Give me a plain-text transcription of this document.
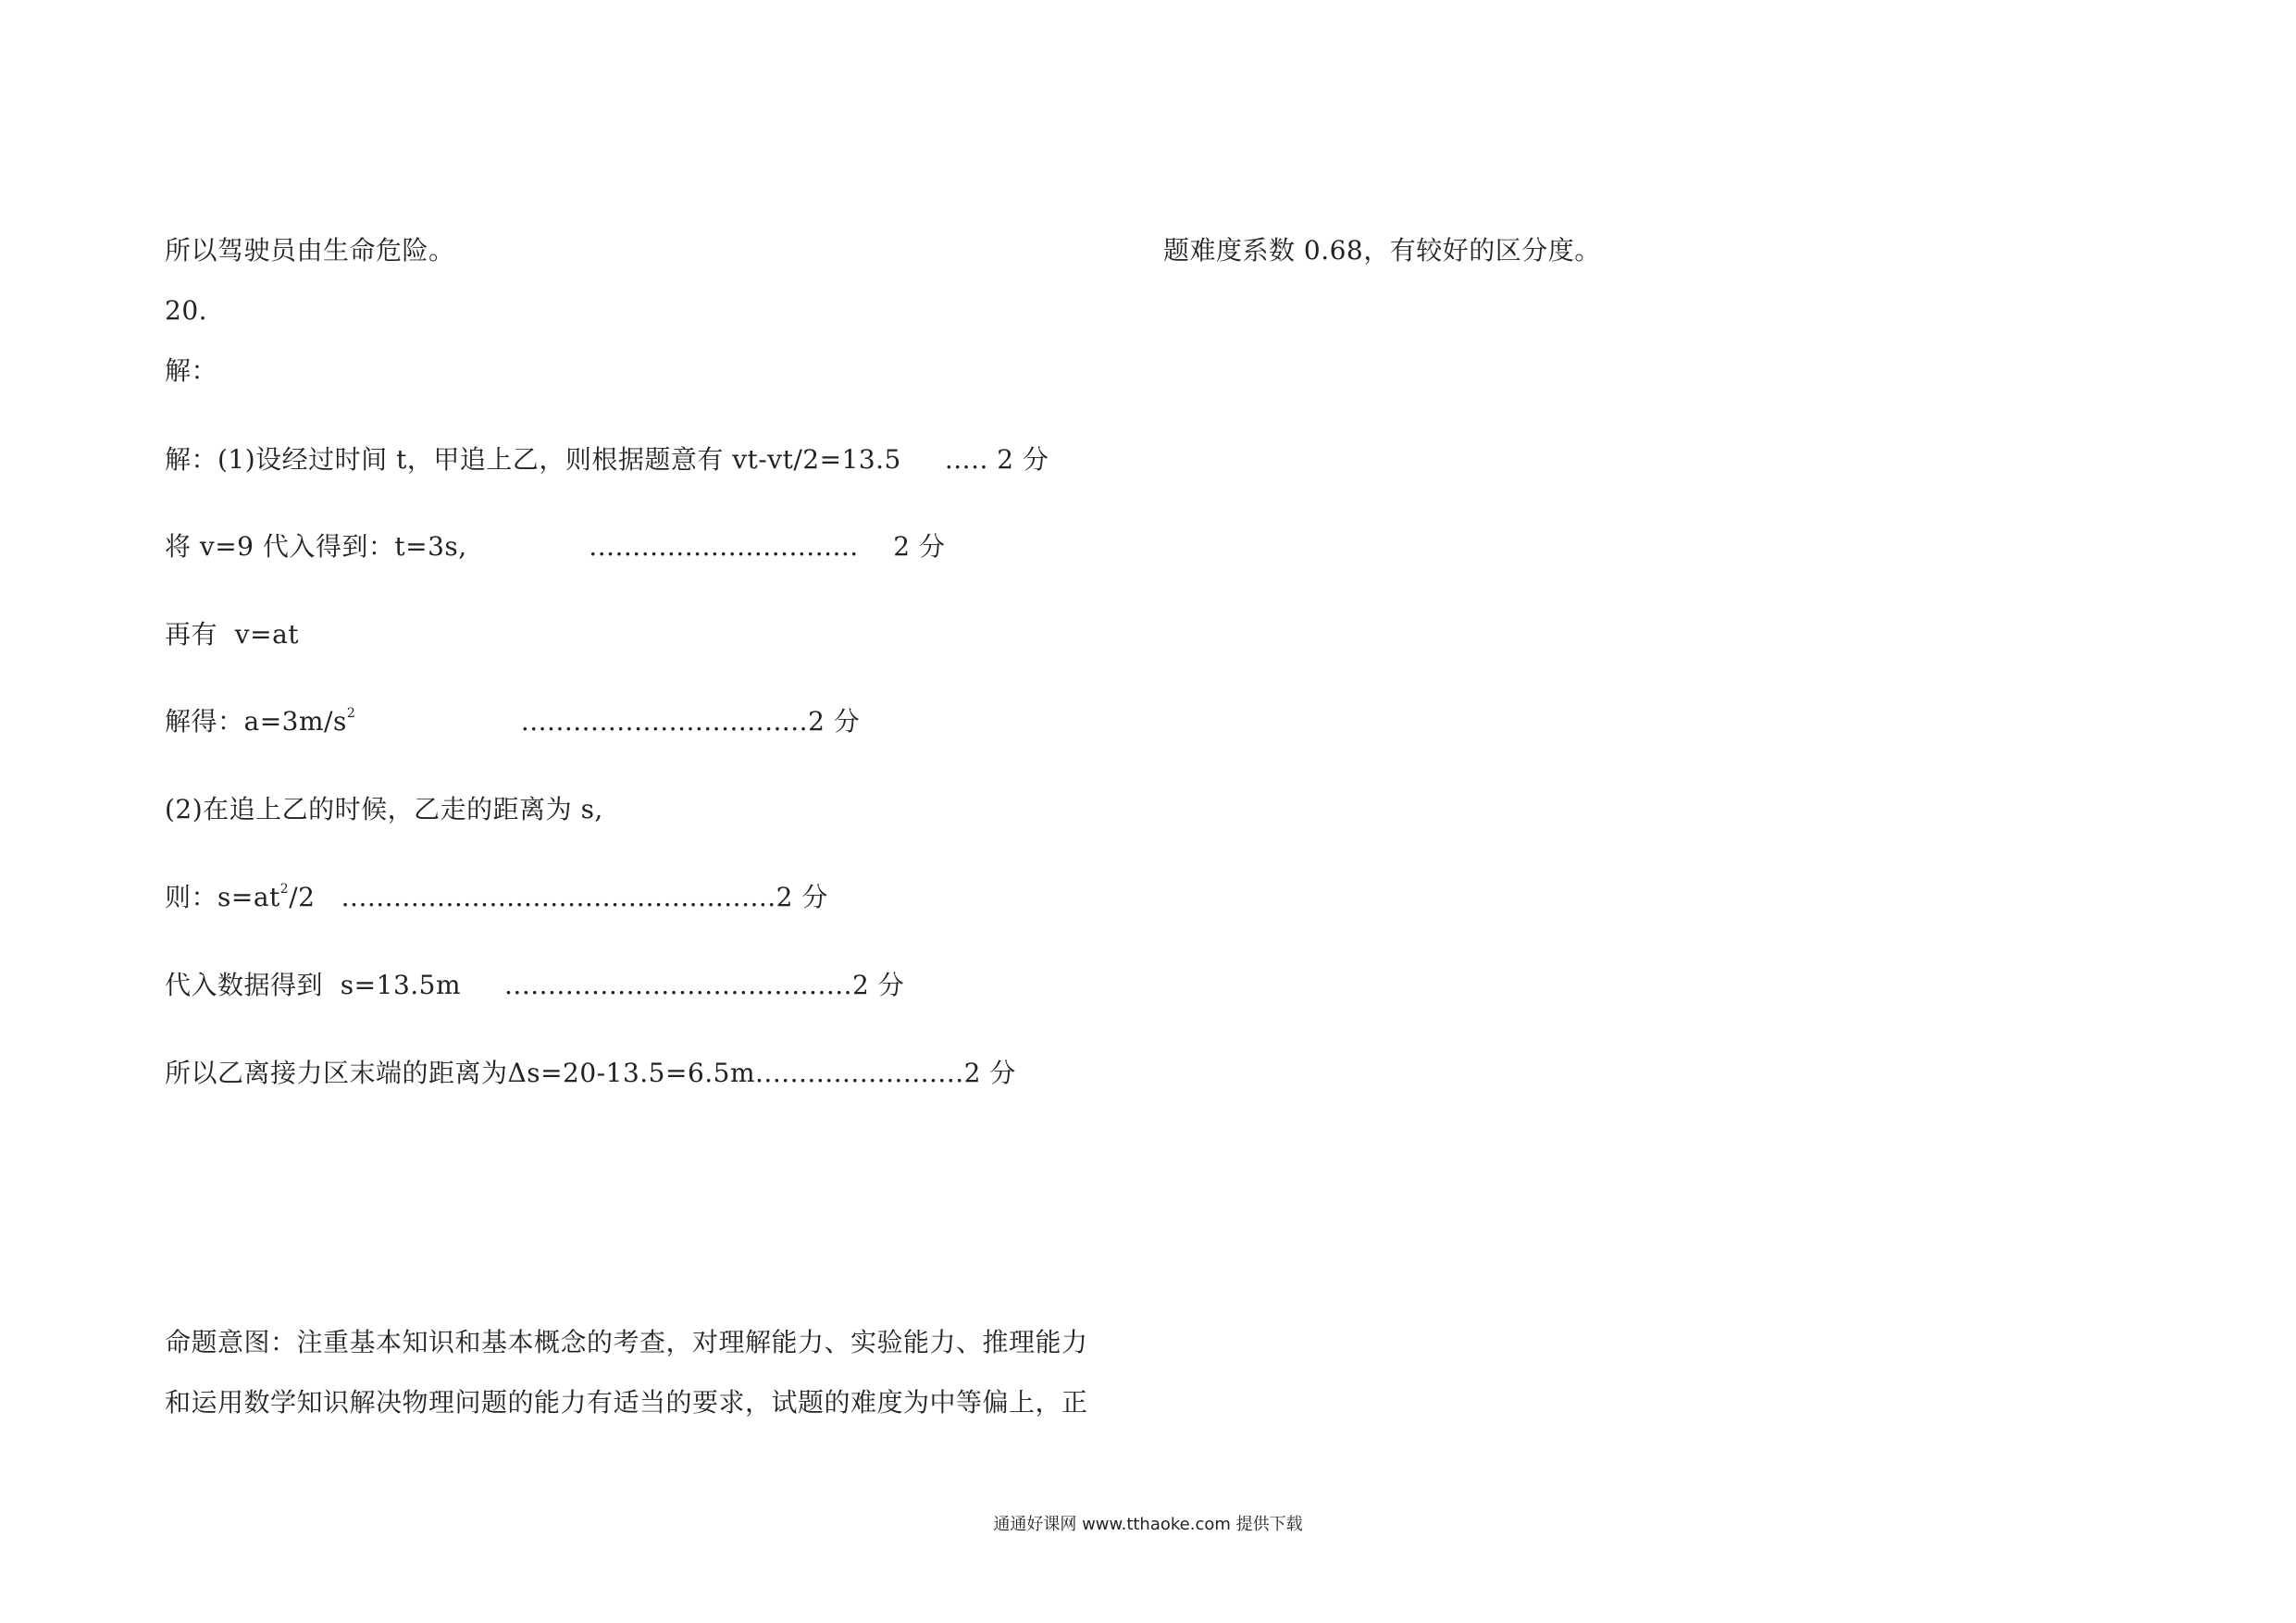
所以驾驶员由生命危险。
20.
解：
解：(1)设经过时间 t，甲追上乙，则根据题意有 vt-vt/2=13.5     ..... 2 分
将 v=9 代入得到：t=3s,              ...............................    2 分
再有  v=at
解得：$a=3m/s^2$                   .................................2 分
(2)在追上乙的时候，乙走的距离为 s,
则：$s=at^2/2$   ..................................................2 分
代入数据得到  s=13.5m     ........................................2 分
所以乙离接力区末端的距离为Δs=20-13.5=6.5m........................2 分
命题意图：注重基本知识和基本概念的考查，对理解能力、实验能力、推理能力
和运用数学知识解决物理问题的能力有适当的要求，试题的难度为中等偏上，正
题难度系数 0.68，有较好的区分度。
通通好课网 www.tthaoke.com 提供下载
